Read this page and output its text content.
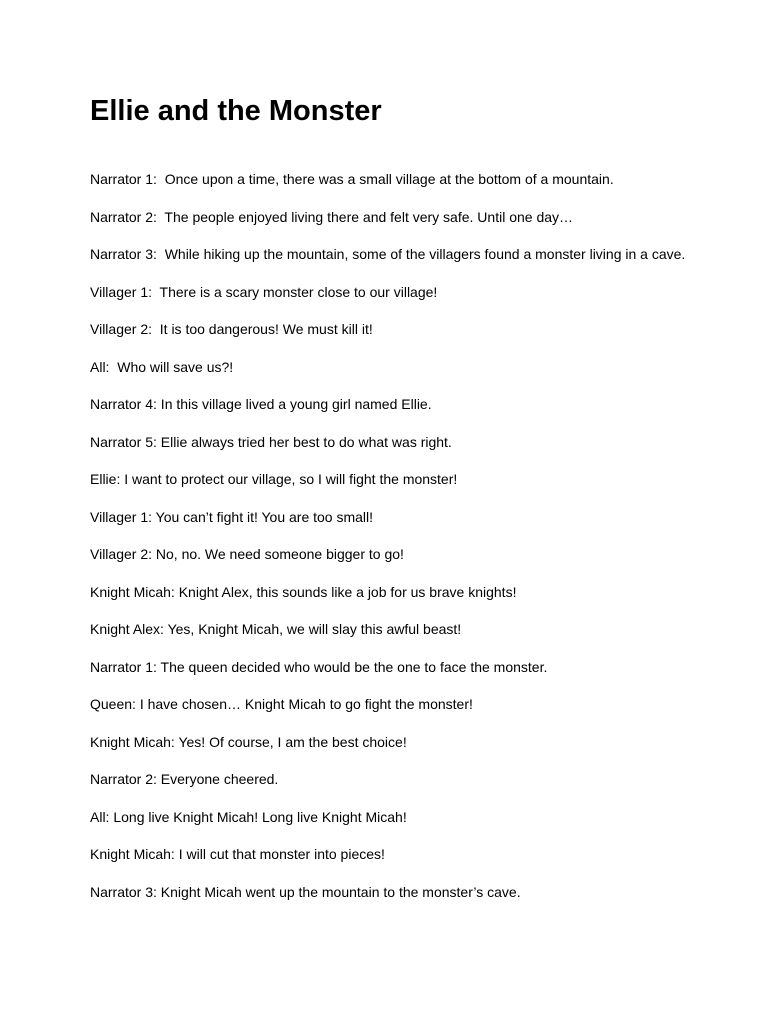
Ellie and the Monster
Narrator 1:  Once upon a time, there was a small village at the bottom of a mountain.
Narrator 2:  The people enjoyed living there and felt very safe. Until one day…
Narrator 3:  While hiking up the mountain, some of the villagers found a monster living in a cave.
Villager 1:  There is a scary monster close to our village!
Villager 2:  It is too dangerous! We must kill it!
All:  Who will save us?!
Narrator 4: In this village lived a young girl named Ellie.
Narrator 5: Ellie always tried her best to do what was right.
Ellie: I want to protect our village, so I will fight the monster!
Villager 1: You can’t fight it! You are too small!
Villager 2: No, no. We need someone bigger to go!
Knight Micah: Knight Alex, this sounds like a job for us brave knights!
Knight Alex: Yes, Knight Micah, we will slay this awful beast!
Narrator 1: The queen decided who would be the one to face the monster.
Queen: I have chosen… Knight Micah to go fight the monster!
Knight Micah: Yes! Of course, I am the best choice!
Narrator 2: Everyone cheered.
All: Long live Knight Micah! Long live Knight Micah!
Knight Micah: I will cut that monster into pieces!
Narrator 3: Knight Micah went up the mountain to the monster’s cave.
